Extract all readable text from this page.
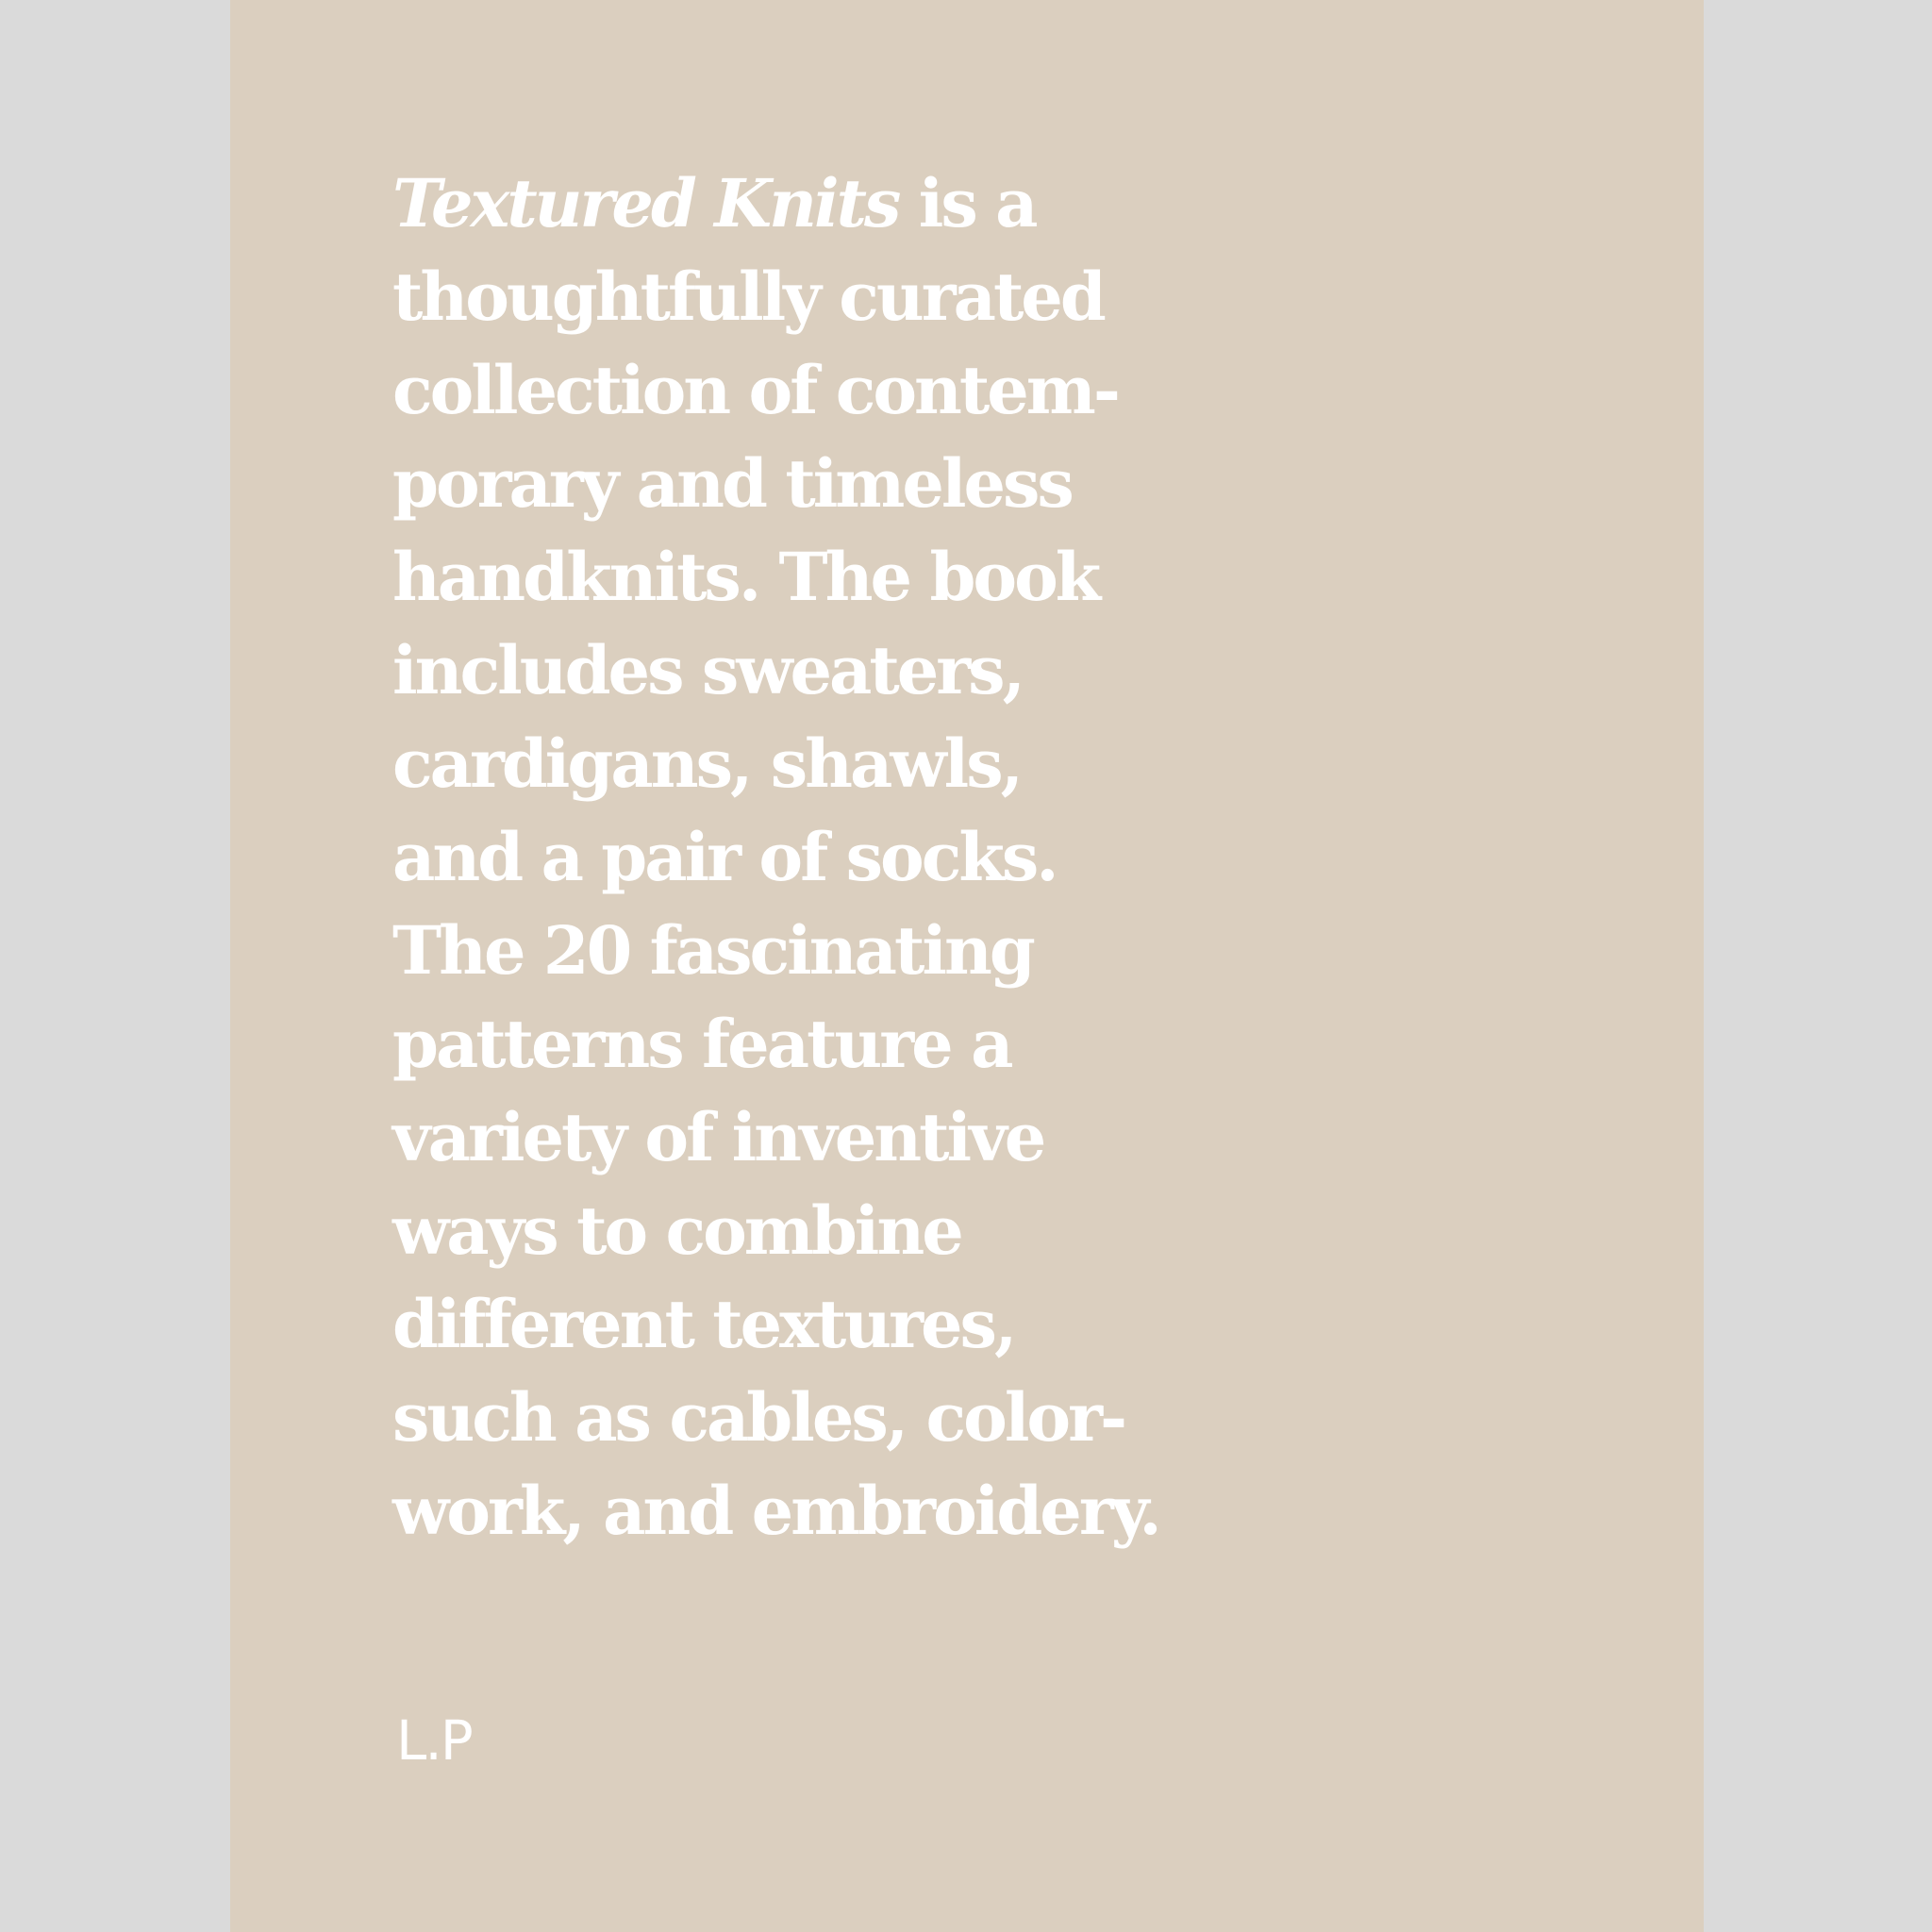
Textured Knits is a
thoughtfully curated
collection of contem-
porary and timeless
handknits. The book
includes sweaters,
cardigans, shawls,
and a pair of socks.
The 20 fascinating
patterns feature a
variety of inventive
ways to combine
different textures,
such as cables, color-
work, and embroidery.

L.P
